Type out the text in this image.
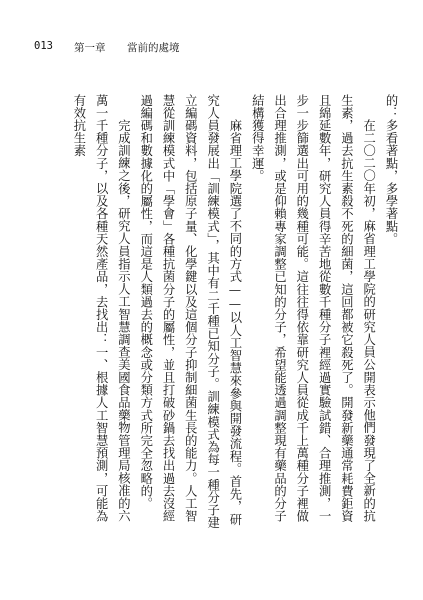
013	第一章	當前的處境

的：多看著點，多學著點。

在二〇二〇年初，麻省理工學院的研究人員公開表示他們發現了全新的抗生素，過去抗生素殺不死的細菌，這回都被它殺死了。開發新藥通常耗費鉅資且綿延數年，研究人員得辛苦地從數千種分子裡經過實驗試錯、合理推測，一步一步篩選出可用的幾種可能。這往往得依靠研究人員從成千上萬種分子裡做出合理推測，或是仰賴專家調整已知的分子，希望能透過調整現有藥品的分子結構獲得幸運。

麻省理工學院選了不同的方式——以人工智慧來參與開發流程。首先，研究人員發展出「訓練模式」，其中有二千種已知分子。訓練模式為每一種分子建立編碼資料，包括原子量、化學鍵以及這個分子抑制細菌生長的能力。人工智慧從訓練模式中「學會」各種抗菌分子的屬性，並且打破砂鍋去找出過去沒經過編碼和數據化的屬性，而這是人類過去的概念或分類方式所完全忽略的。

完成訓練之後，研究人員指示人工智慧調查美國食品藥物管理局核准的六萬一千種分子，以及各種天然產品，去找出：一、根據人工智慧預測，可能為有效抗生素
